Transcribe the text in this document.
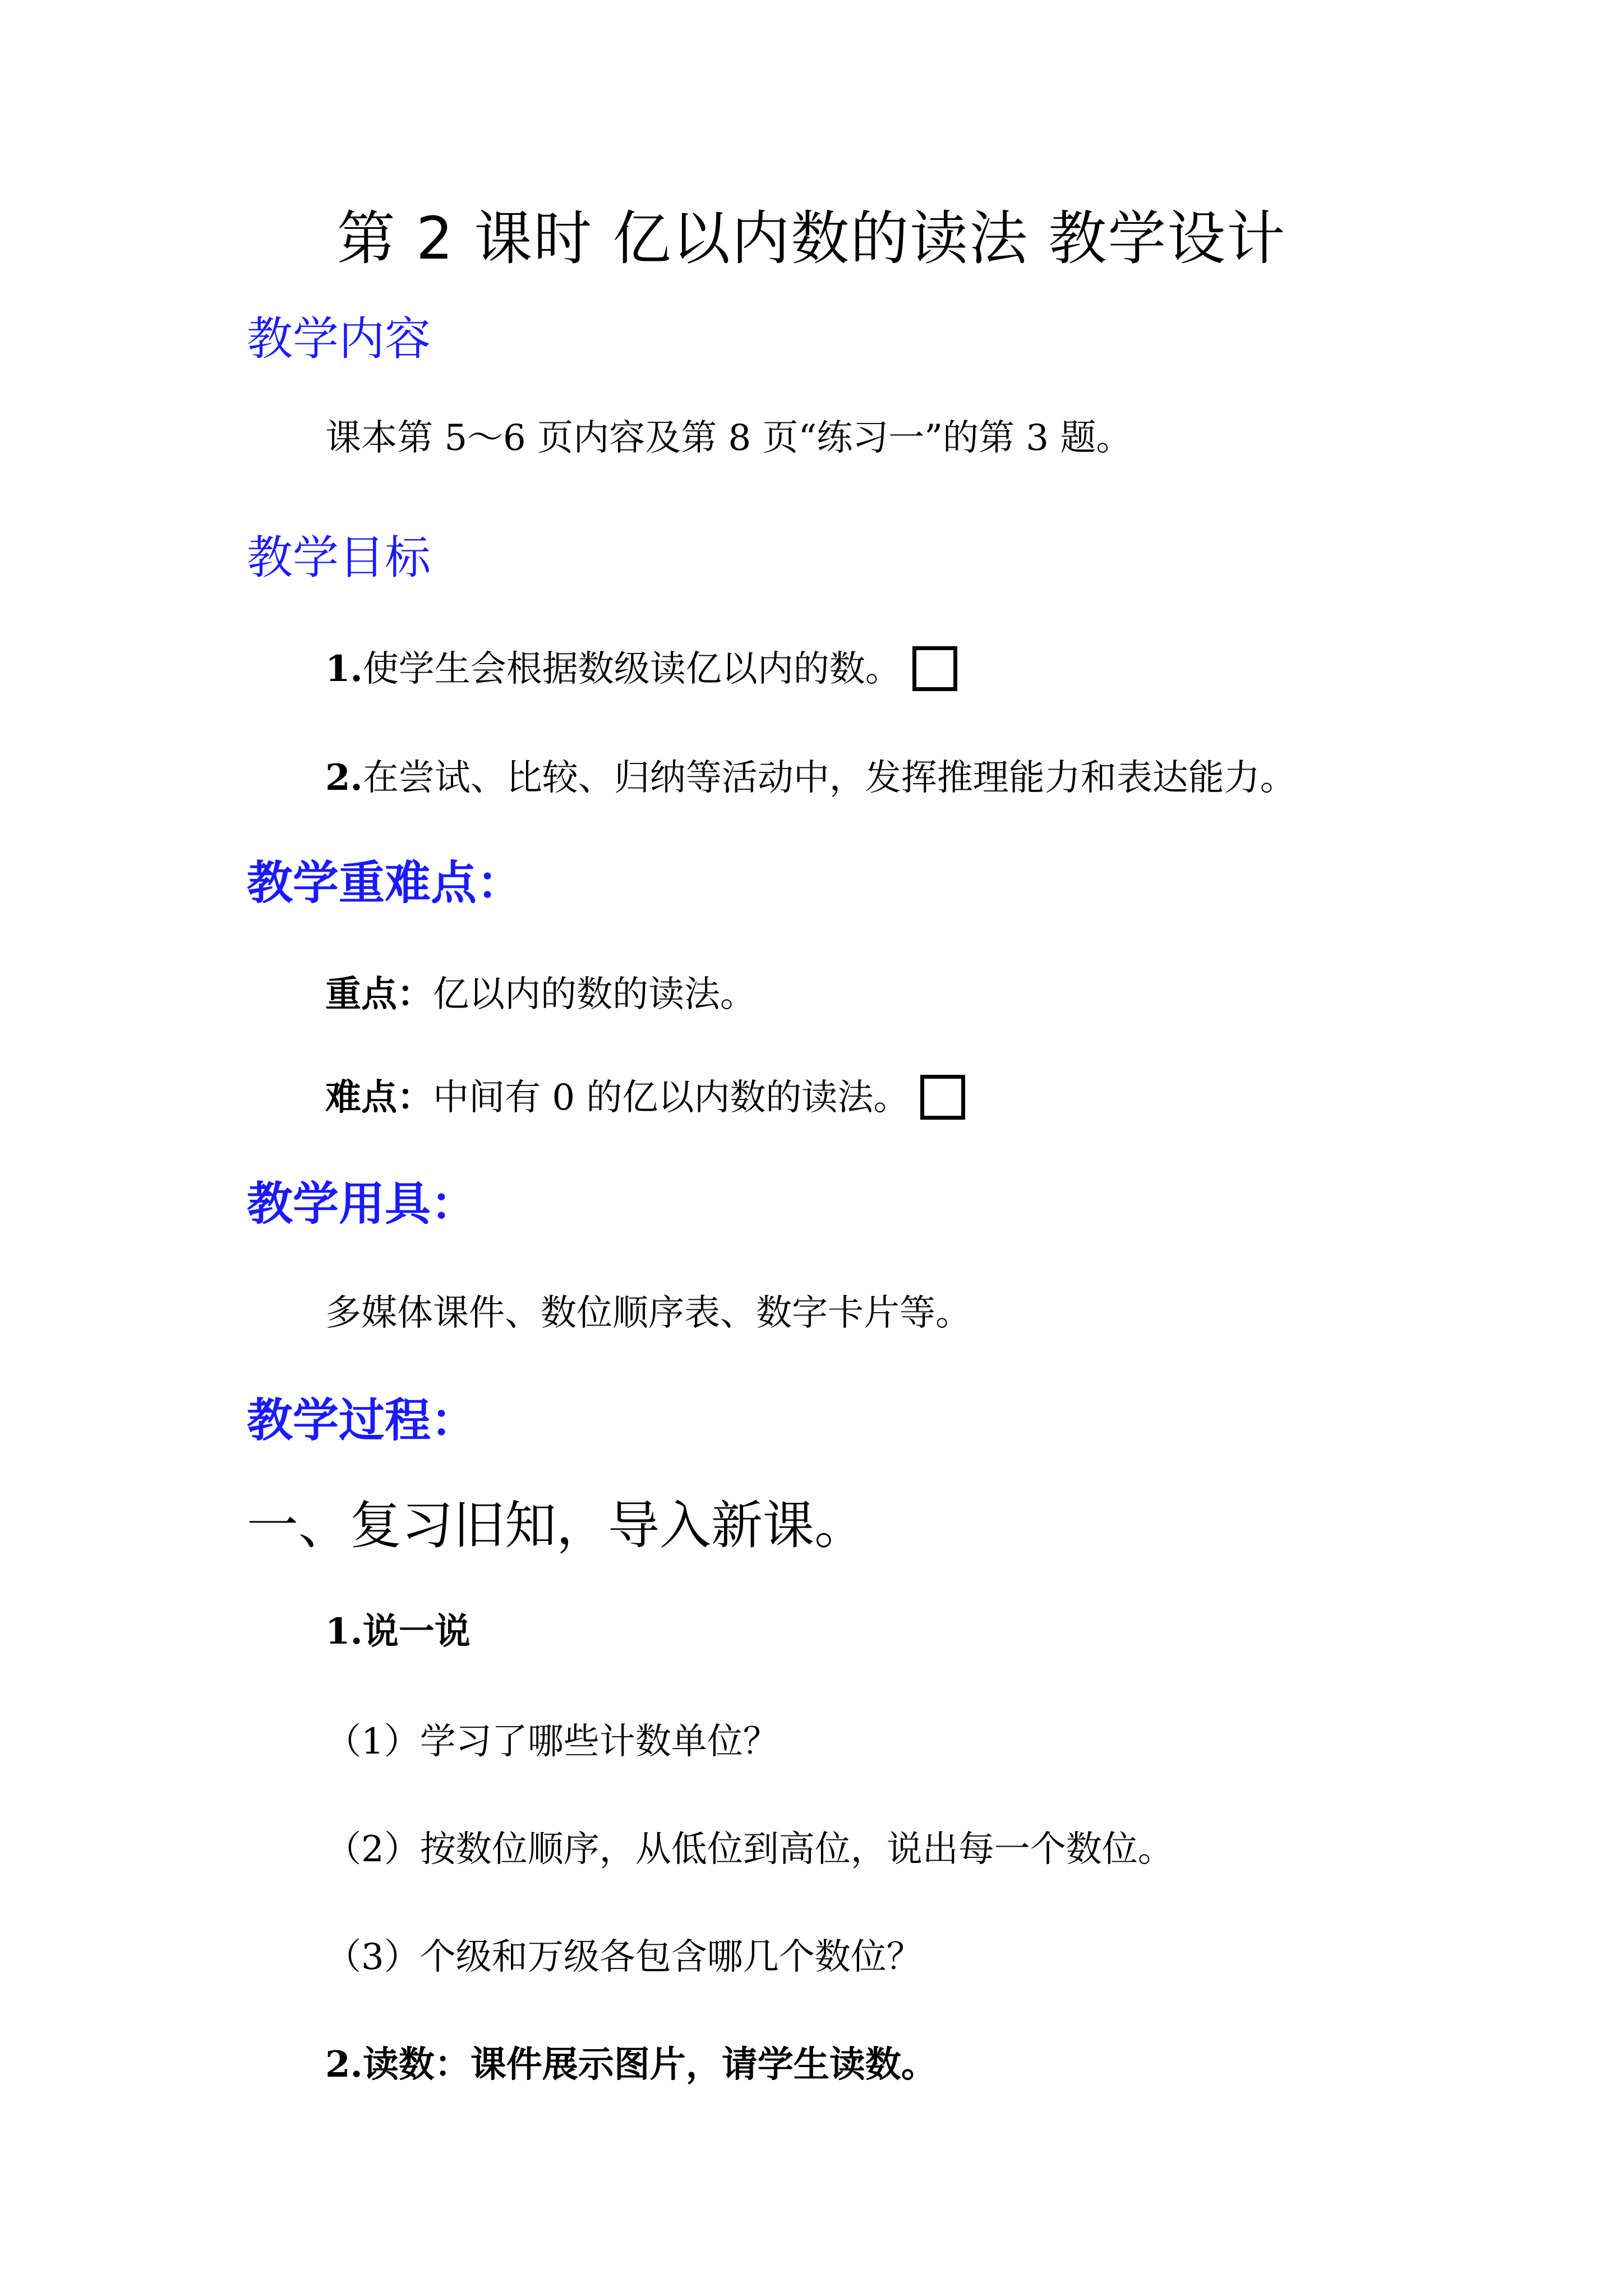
第 2 课时 亿以内数的读法 教学设计
教学内容
课本第 5～6 页内容及第 8 页“练习一”的第 3 题。
教学目标
1.使学生会根据数级读亿以内的数。
2.在尝试、比较、归纳等活动中，发挥推理能力和表达能力。
教学重难点：
重点：亿以内的数的读法。
难点：中间有 0 的亿以内数的读法。
教学用具：
多媒体课件、数位顺序表、数字卡片等。
教学过程：
一、复习旧知，导入新课。
1.说一说
（1）学习了哪些计数单位？
（2）按数位顺序，从低位到高位，说出每一个数位。
（3）个级和万级各包含哪几个数位？
2.读数：课件展示图片，请学生读数。
